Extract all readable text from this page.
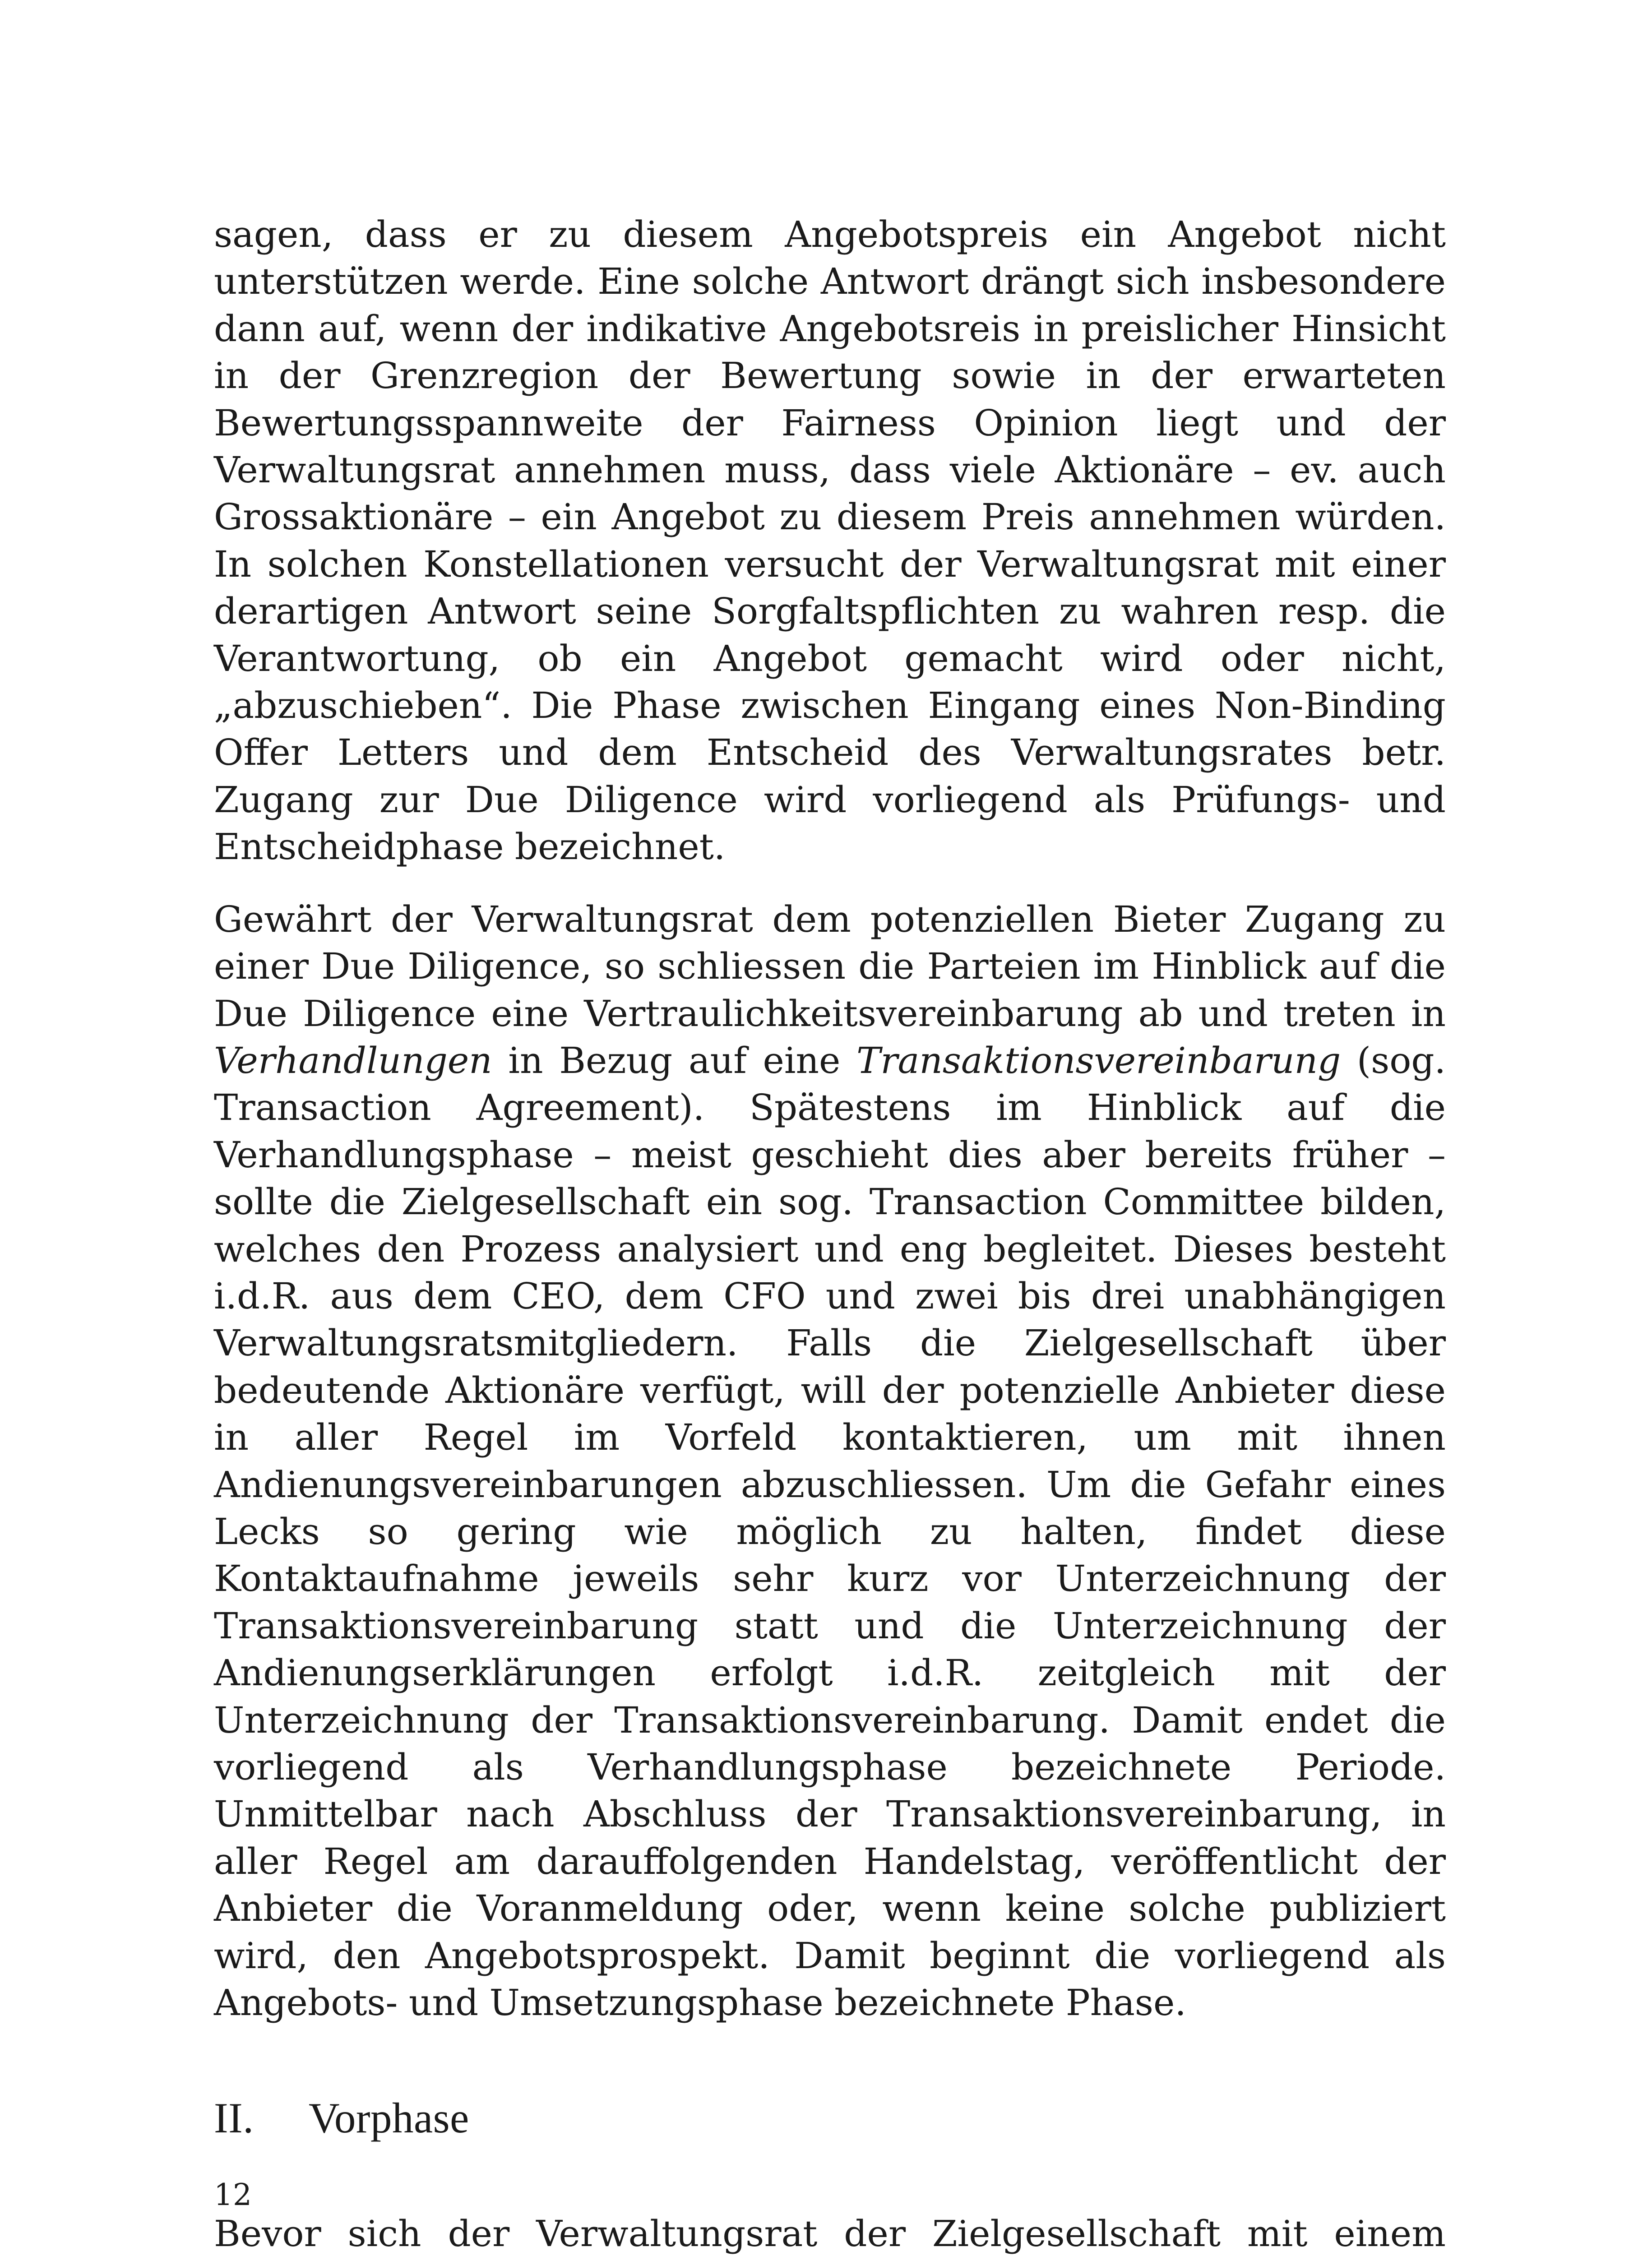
sagen, dass er zu diesem Angebotspreis ein Angebot nicht unterstützen werde. Eine solche Antwort drängt sich insbesondere dann auf, wenn der indikative Angebotsreis in preislicher Hinsicht in der Grenzregion der Bewertung sowie in der erwarteten Bewertungsspannweite der Fairness Opinion liegt und der Verwaltungsrat annehmen muss, dass viele Aktionäre – ev. auch Grossaktionäre – ein Angebot zu diesem Preis annehmen würden. In solchen Konstellationen versucht der Verwaltungsrat mit einer derartigen Antwort seine Sorgfaltspflichten zu wahren resp. die Verantwortung, ob ein Angebot gemacht wird oder nicht, „abzuschieben“. Die Phase zwischen Eingang eines Non-Binding Offer Letters und dem Entscheid des Verwaltungsrates betr. Zugang zur Due Diligence wird vorliegend als Prüfungs- und Entscheidphase bezeichnet.

Gewährt der Verwaltungsrat dem potenziellen Bieter Zugang zu einer Due Diligence, so schliessen die Parteien im Hinblick auf die Due Diligence eine Vertraulichkeitsvereinbarung ab und treten in Verhandlungen in Bezug auf eine Transaktionsvereinbarung (sog. Transaction Agreement). Spätestens im Hinblick auf die Verhandlungsphase – meist geschieht dies aber bereits früher – sollte die Zielgesellschaft ein sog. Transaction Committee bilden, welches den Prozess analysiert und eng begleitet. Dieses besteht i.d.R. aus dem CEO, dem CFO und zwei bis drei unabhängigen Verwaltungsratsmitgliedern. Falls die Zielgesellschaft über bedeutende Aktionäre verfügt, will der potenzielle Anbieter diese in aller Regel im Vorfeld kontaktieren, um mit ihnen Andienungsvereinbarungen abzuschliessen. Um die Gefahr eines Lecks so gering wie möglich zu halten, findet diese Kontaktaufnahme jeweils sehr kurz vor Unterzeichnung der Transaktionsvereinbarung statt und die Unterzeichnung der Andienungserklärungen erfolgt i.d.R. zeitgleich mit der Unterzeichnung der Transaktionsvereinbarung. Damit endet die vorliegend als Verhandlungsphase bezeichnete Periode. Unmittelbar nach Abschluss der Transaktionsvereinbarung, in aller Regel am darauffolgenden Handelstag, veröffentlicht der Anbieter die Voranmeldung oder, wenn keine solche publiziert wird, den Angebotsprospekt. Damit beginnt die vorliegend als Angebots- und Umsetzungsphase bezeichnete Phase.

II. Vorphase

Bevor sich der Verwaltungsrat der Zielgesellschaft mit einem

12
